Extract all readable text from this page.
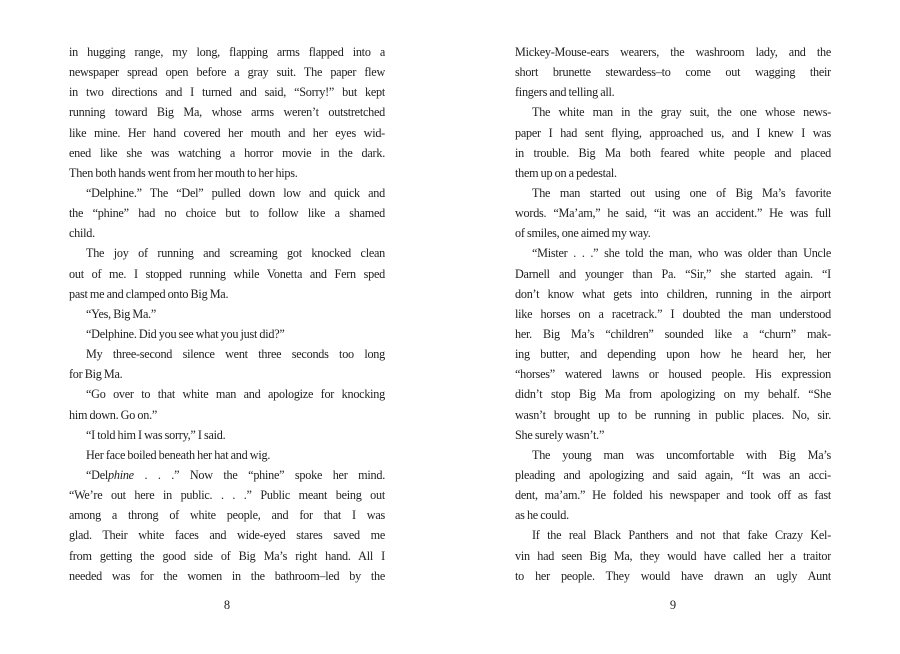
in hugging range, my long, flapping arms flapped into a
newspaper spread open before a gray suit. The paper flew
in two directions and I turned and said, “Sorry!” but kept
running toward Big Ma, whose arms weren’t outstretched
like mine. Her hand covered her mouth and her eyes wid-
ened like she was watching a horror movie in the dark.
Then both hands went from her mouth to her hips.
“Delphine.” The “Del” pulled down low and quick and
the “phine” had no choice but to follow like a shamed
child.
The joy of running and screaming got knocked clean
out of me. I stopped running while Vonetta and Fern sped
past me and clamped onto Big Ma.
“Yes, Big Ma.”
“Delphine. Did you see what you just did?”
My three-second silence went three seconds too long
for Big Ma.
“Go over to that white man and apologize for knocking
him down. Go on.”
“I told him I was sorry,” I said.
Her face boiled beneath her hat and wig.
“Delphine . . .” Now the “phine” spoke her mind.
“We’re out here in public. . . .” Public meant being out
among a throng of white people, and for that I was
glad. Their white faces and wide-eyed stares saved me
from getting the good side of Big Ma’s right hand. All I
needed was for the women in the bathroom–led by the
8
Mickey-Mouse-ears wearers, the washroom lady, and the
short brunette stewardess–to come out wagging their
fingers and telling all.
The white man in the gray suit, the one whose news-
paper I had sent flying, approached us, and I knew I was
in trouble. Big Ma both feared white people and placed
them up on a pedestal.
The man started out using one of Big Ma’s favorite
words. “Ma’am,” he said, “it was an accident.” He was full
of smiles, one aimed my way.
“Mister . . .” she told the man, who was older than Uncle
Darnell and younger than Pa. “Sir,” she started again. “I
don’t know what gets into children, running in the airport
like horses on a racetrack.” I doubted the man understood
her. Big Ma’s “children” sounded like a “churn” mak-
ing butter, and depending upon how he heard her, her
“horses” watered lawns or housed people. His expression
didn’t stop Big Ma from apologizing on my behalf. “She
wasn’t brought up to be running in public places. No, sir.
She surely wasn’t.”
The young man was uncomfortable with Big Ma’s
pleading and apologizing and said again, “It was an acci-
dent, ma’am.” He folded his newspaper and took off as fast
as he could.
If the real Black Panthers and not that fake Crazy Kel-
vin had seen Big Ma, they would have called her a traitor
to her people. They would have drawn an ugly Aunt
9
